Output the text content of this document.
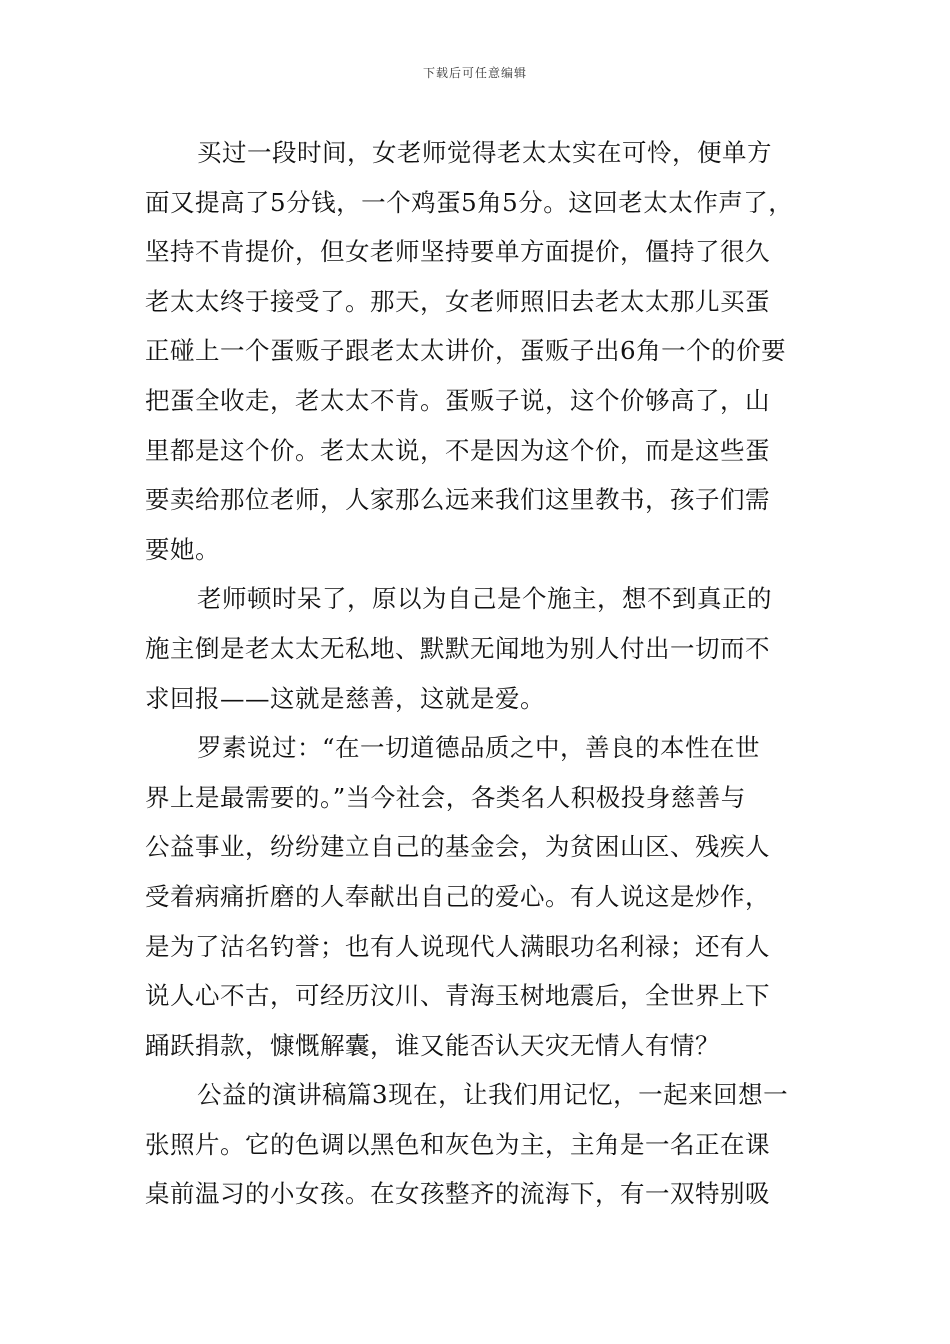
下载后可任意编辑
买过一段时间，女老师觉得老太太实在可怜，便单方
面又提高了5分钱，一个鸡蛋5角5分。这回老太太作声了，
坚持不肯提价，但女老师坚持要单方面提价，僵持了很久
老太太终于接受了。那天，女老师照旧去老太太那儿买蛋
正碰上一个蛋贩子跟老太太讲价，蛋贩子出6角一个的价要
把蛋全收走，老太太不肯。蛋贩子说，这个价够高了，山
里都是这个价。老太太说，不是因为这个价，而是这些蛋
要卖给那位老师，人家那么远来我们这里教书，孩子们需
要她。
老师顿时呆了，原以为自己是个施主，想不到真正的
施主倒是老太太无私地、默默无闻地为别人付出一切而不
求回报——这就是慈善，这就是爱。
罗素说过：“在一切道德品质之中，善良的本性在世
界上是最需要的。”当今社会，各类名人积极投身慈善与
公益事业，纷纷建立自己的基金会，为贫困山区、残疾人
受着病痛折磨的人奉献出自己的爱心。有人说这是炒作，
是为了沽名钓誉；也有人说现代人满眼功名利禄；还有人
说人心不古，可经历汶川、青海玉树地震后，全世界上下
踊跃捐款，慷慨解囊，谁又能否认天灾无情人有情？
公益的演讲稿篇3现在，让我们用记忆，一起来回想一
张照片。它的色调以黑色和灰色为主，主角是一名正在课
桌前温习的小女孩。在女孩整齐的流海下，有一双特别吸
